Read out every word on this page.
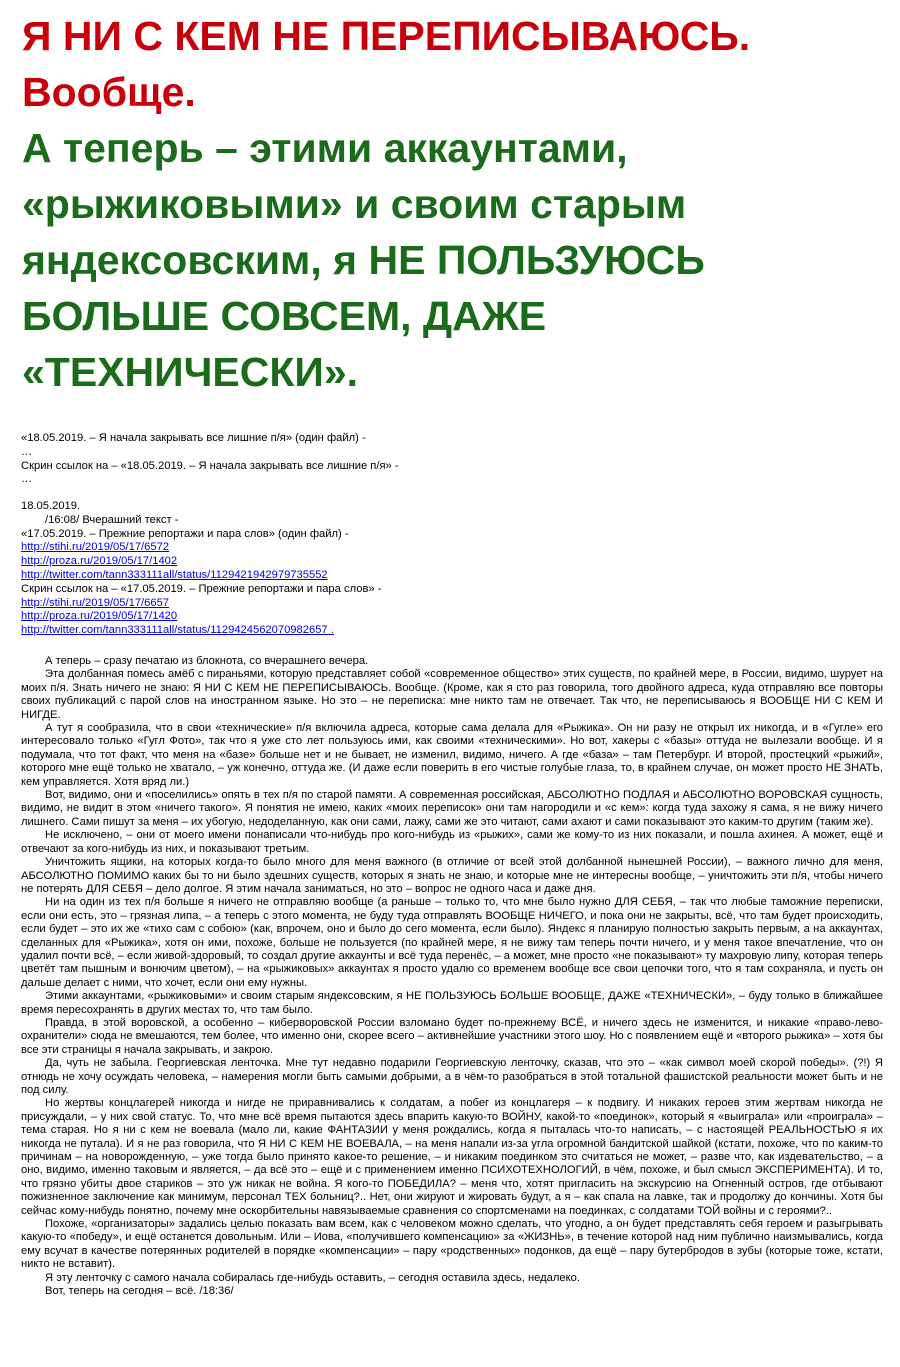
Я НИ С КЕМ НЕ ПЕРЕПИСЫВАЮСЬ.
Вообще.
А теперь – этими аккаунтами, «рыжиковыми» и своим старым яндексовским, я НЕ ПОЛЬЗУЮСЬ БОЛЬШЕ СОВСЕМ, ДАЖЕ «ТЕХНИЧЕСКИ».

«18.05.2019. – Я начала закрывать все лишние п/я» (один файл) -

…

Скрин ссылок на – «18.05.2019. – Я начала закрывать все лишние п/я» -

…

18.05.2019.

/16:08/ Вчерашний текст -

«17.05.2019. – Прежние репортажи и пара слов» (один файл) -

http://stihi.ru/2019/05/17/6572

http://proza.ru/2019/05/17/1402

http://twitter.com/tann333111all/status/1129421942979735552

Скрин ссылок на – «17.05.2019. – Прежние репортажи и пара слов» -

http://stihi.ru/2019/05/17/6657

http://proza.ru/2019/05/17/1420

http://twitter.com/tann333111all/status/1129424562070982657 .

А теперь – сразу печатаю из блокнота, со вчерашнего вечера.

Эта долбанная помесь амёб с пираньями, которую представляет собой «современное общество» этих существ, по крайней мере, в России, видимо, шурует на моих п/я. Знать ничего не знаю: Я НИ С КЕМ НЕ ПЕРЕПИСЫВАЮСЬ. Вообще. (Кроме, как я сто раз говорила, того двойного адреса, куда отправляю все повторы своих публикаций с парой слов на иностранном языке. Но это – не переписка: мне никто там не отвечает. Так что, не переписываюсь я ВООБЩЕ НИ С КЕМ И НИГДЕ.

А тут я сообразила, что в свои «технические» п/я включила адреса, которые сама делала для «Рыжика». Он ни разу не открыл их никогда, и в «Гугле» его интересовало только «Гугл Фото», так что я уже сто лет пользуюсь ими, как своими «техническими». Но вот, хакеры с «базы» оттуда не вылезали вообще. И я подумала, что тот факт, что меня на «базе» больше нет и не бывает, не изменил, видимо, ничего. А где «база» – там Петербург. И второй, простецкий «рыжий», которого мне ещё только не хватало, – уж конечно, оттуда же. (И даже если поверить в его чистые голубые глаза, то, в крайнем случае, он может просто НЕ ЗНАТЬ, кем управляется. Хотя вряд ли.)

Вот, видимо, они и «поселились» опять в тех п/я по старой памяти. А современная российская, АБСОЛЮТНО ПОДЛАЯ и АБСОЛЮТНО ВОРОВСКАЯ сущность, видимо, не видит в этом «ничего такого». Я понятия не имею, каких «моих переписок» они там нагородили и «с кем»: когда туда захожу я сама, я не вижу ничего лишнего. Сами пишут за меня – их убогую, недоделанную, как они сами, лажу, сами же это читают, сами ахают и сами показывают это каким-то другим (таким же).

Не исключено, – они от моего имени понаписали что-нибудь про кого-нибудь из «рыжих», сами же кому-то из них показали, и пошла ахинея. А может, ещё и отвечают за кого-нибудь из них, и показывают третьим.

Уничтожить ящики, на которых когда-то было много для меня важного (в отличие от всей этой долбанной нынешней России), – важного лично для меня, АБСОЛЮТНО ПОМИМО каких бы то ни было здешних существ, которых я знать не знаю, и которые мне не интересны вообще, – уничтожить эти п/я, чтобы ничего не потерять ДЛЯ СЕБЯ – дело долгое. Я этим начала заниматься, но это – вопрос не одного часа и даже дня.

Ни на один из тех п/я больше я ничего не отправляю вообще (а раньше – только то, что мне было нужно ДЛЯ СЕБЯ, – так что любые таможние переписки, если они есть, это – грязная липа, – а теперь с этого момента, не буду туда отправлять ВООБЩЕ НИЧЕГО, и пока они не закрыты, всё, что там будет происходить, если будет – это их же «тихо сам с собою» (как, впрочем, оно и было до сего момента, если было). Яндекс я планирую полностью закрыть первым, а на аккаунтах, сделанных для «Рыжика», хотя он ими, похоже, больше не пользуется (по крайней мере, я не вижу там теперь почти ничего, и у меня такое впечатление, что он удалил почти всё, – если живой-здоровый, то создал другие аккаунты и всё туда перенёс, – а может, мне просто «не показывают» ту махровую липу, которая теперь цветёт там пышным и вонючим цветом), – на «рыжиковых» аккаунтах я просто удалю со временем вообще все свои цепочки того, что я там сохраняла, и пусть он дальше делает с ними, что хочет, если они ему нужны.

Этими аккаунтами, «рыжиковыми» и своим старым яндексовским, я НЕ ПОЛЬЗУЮСЬ БОЛЬШЕ ВООБЩЕ, ДАЖЕ «ТЕХНИЧЕСКИ», – буду только в ближайшее время пересохранять в других местах то, что там было.

Правда, в этой воровской, а особенно – кибервоpовской России взломано будет по-прежнему ВСЁ, и ничего здесь не изменится, и никакие «право-лево-охранители» сюда не вмешаются, тем более, что именно они, скорее всего – активнейшие участники этого шоу. Но с появлением ещё и «второго рыжика» – хотя бы все эти страницы я начала закрывать, и закрою.

Да, чуть не забыла. Георгиевская ленточка. Мне тут недавно подарили Георгиевскую ленточку, сказав, что это – «как символ моей скорой победы». (?!) Я отнюдь не хочу осуждать человека, – намерения могли быть самыми добрыми, а в чём-то разобраться в этой тотальной фашистской реальности может быть и не под силу.

Но жертвы концлагерей никогда и нигде не приравнивались к солдатам, а побег из концлагеря – к подвигу. И никаких героев этим жертвам никогда не присуждали, – у них свой статус. То, что мне всё время пытаются здесь впарить какую-то ВОЙНУ, какой-то «поединок», который я «выиграла» или «проиграла» – тема старая. Но я ни с кем не воевала (мало ли, какие ФАНТАЗИИ у меня рождались, когда я пыталась что-то написать, – с настоящей РЕАЛЬНОСТЬЮ я их никогда не путала). И я не раз говорила, что Я НИ С КЕМ НЕ ВОЕВАЛА, – на меня напали из-за угла огромной бандитской шайкой (кстати, похоже, что по каким-то причинам – на новорожденную, – уже тогда было принято какое-то решение, – и никаким поединком это считаться не может, – разве что, как издевательство, – а оно, видимо, именно таковым и является, – да всё это – ещё и с применением именно ПСИХОТЕХНОЛОГИЙ, в чём, похоже, и был смысл ЭКСПЕРИМЕНТА). И то, что грязно убиты двое стариков – это уж никак не война. Я кого-то ПОБЕДИЛА? – меня что, хотят пригласить на экскурсию на Огненный остров, где отбывают пожизненное заключение как минимум, персонал ТЕХ больниц?.. Нет, они жируют и жировать будут, а я – как спала на лавке, так и продолжу до кончины. Хотя бы сейчас кому-нибудь понятно, почему мне оскорбительны навязываемые сравнения со спортсменами на поединках, с солдатами ТОЙ войны и с героями?..

Похоже, «организаторы» задались целью показать вам всем, как с человеком можно сделать, что угодно, а он будет представлять себя героем и разыгрывать какую-то «победу», и ещё останется довольным. Или – Иова, «получившего компенсацию» за «ЖИЗНЬ», в течение которой над ним публично наизмывались, когда ему всучат в качестве потерянных родителей в порядке «компенсации» – пару «родственных» подонков, да ещё – пару бутербродов в зубы (которые тоже, кстати, никто не вставит).

Я эту ленточку с самого начала собиралась где-нибудь оставить, – сегодня оставила здесь, недалеко.

Вот, теперь на сегодня – всё. /18:36/
